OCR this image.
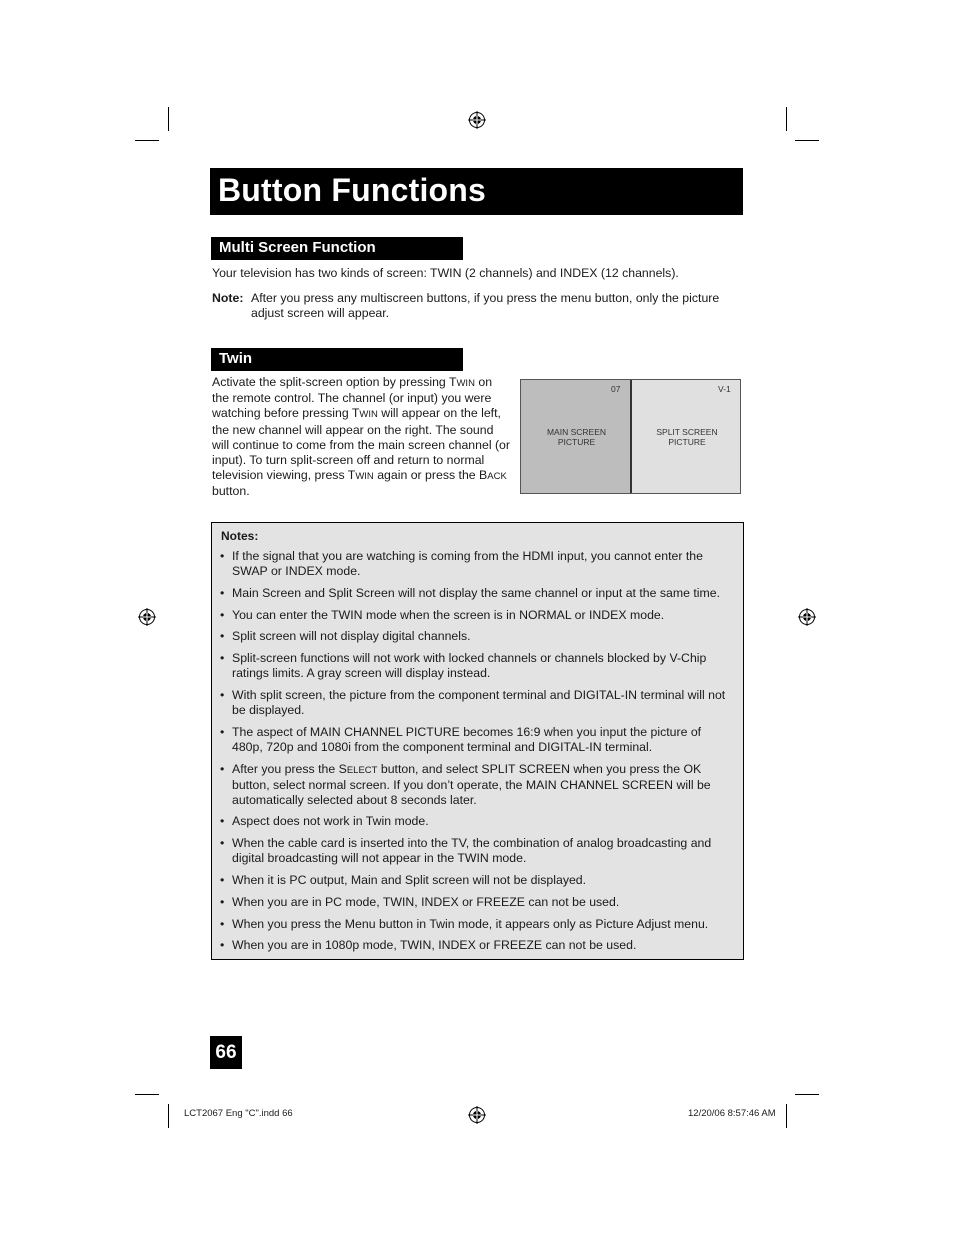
Button Functions
Multi Screen Function
Your television has two kinds of screen: TWIN (2 channels) and INDEX (12 channels).
Note: After you press any multiscreen buttons, if you press the menu button, only the picture adjust screen will appear.
Twin
Activate the split-screen option by pressing TWIN on the remote control. The channel (or input) you were watching before pressing TWIN will appear on the left, the new channel will appear on the right. The sound will continue to come from the main screen channel (or input). To turn split-screen off and return to normal television viewing, press TWIN again or press the BACK button.
07
MAIN SCREEN
PICTURE
V-1
SPLIT SCREEN
PICTURE
Notes:
• If the signal that you are watching is coming from the HDMI input, you cannot enter the SWAP or INDEX mode.
• Main Screen and Split Screen will not display the same channel or input at the same time.
• You can enter the TWIN mode when the screen is in NORMAL or INDEX mode.
• Split screen will not display digital channels.
• Split-screen functions will not work with locked channels or channels blocked by V-Chip ratings limits. A gray screen will display instead.
• With split screen, the picture from the component terminal and DIGITAL-IN terminal will not be displayed.
• The aspect of MAIN CHANNEL PICTURE becomes 16:9 when you input the picture of 480p, 720p and 1080i from the component terminal and DIGITAL-IN terminal.
• After you press the SELECT button, and select SPLIT SCREEN when you press the OK button, select normal screen. If you don’t operate, the MAIN CHANNEL SCREEN will be automatically selected about 8 seconds later.
• Aspect does not work in Twin mode.
• When the cable card is inserted into the TV, the combination of analog broadcasting and digital broadcasting will not appear in the TWIN mode.
• When it is PC output, Main and Split screen will not be displayed.
• When you are in PC mode, TWIN, INDEX or FREEZE can not be used.
• When you press the Menu button in Twin mode, it appears only as Picture Adjust menu.
• When you are in 1080p mode, TWIN, INDEX or FREEZE can not be used.
66
LCT2067 Eng "C".indd 66	12/20/06 8:57:46 AM
